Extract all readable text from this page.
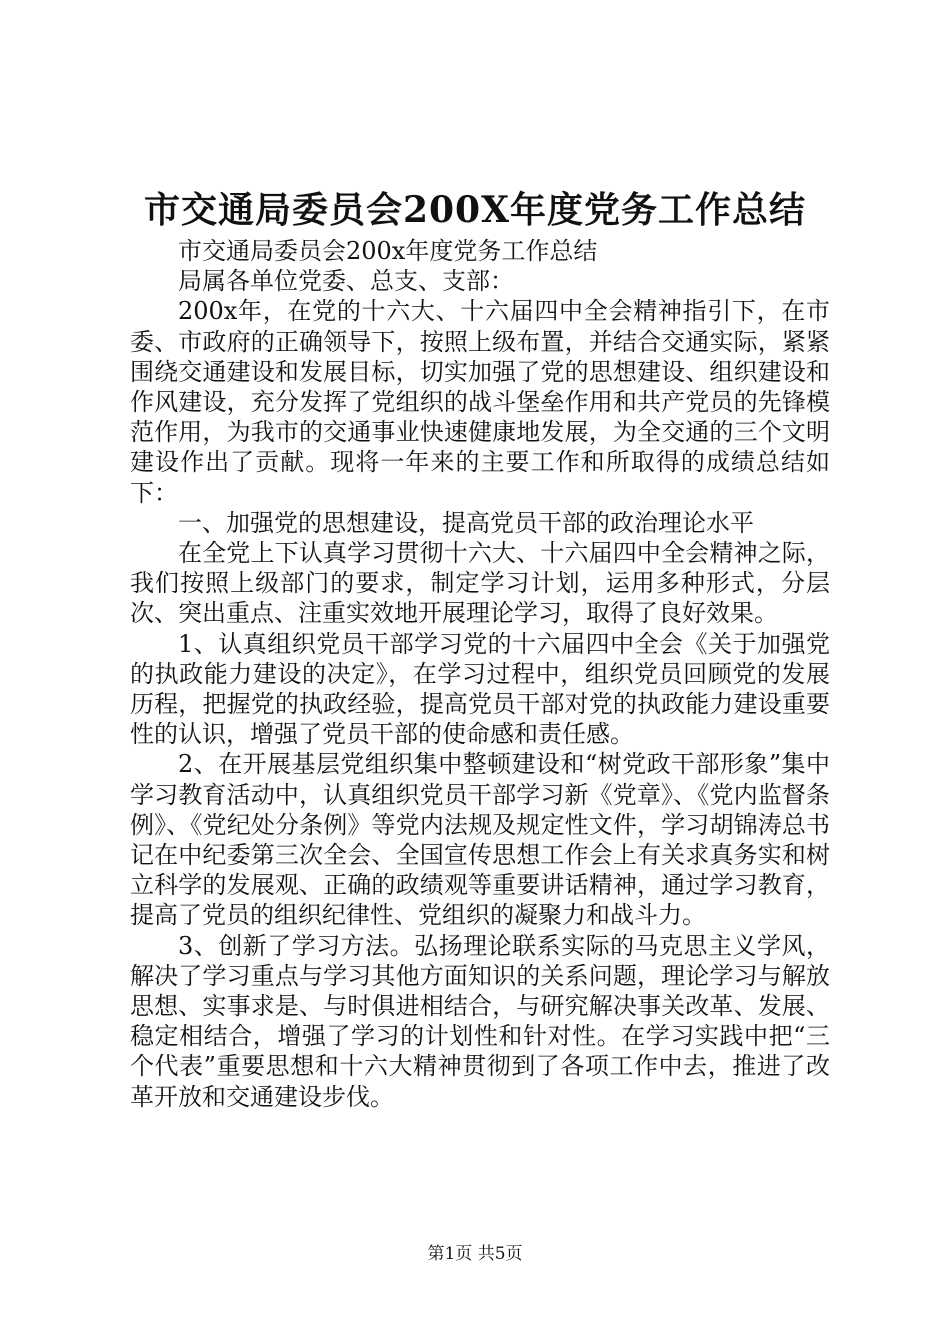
市交通局委员会200X年度党务工作总结

市交通局委员会200x年度党务工作总结

局属各单位党委、总支、支部：

200x年，在党的十六大、十六届四中全会精神指引下，在市委、市政府的正确领导下，按照上级布置，并结合交通实际，紧紧围绕交通建设和发展目标，切实加强了党的思想建设、组织建设和作风建设，充分发挥了党组织的战斗堡垒作用和共产党员的先锋模范作用，为我市的交通事业快速健康地发展，为全交通的三个文明建设作出了贡献。现将一年来的主要工作和所取得的成绩总结如下：

一、加强党的思想建设，提高党员干部的政治理论水平

在全党上下认真学习贯彻十六大、十六届四中全会精神之际，我们按照上级部门的要求，制定学习计划，运用多种形式，分层次、突出重点、注重实效地开展理论学习，取得了良好效果。

1、认真组织党员干部学习党的十六届四中全会《关于加强党的执政能力建设的决定》，在学习过程中，组织党员回顾党的发展历程，把握党的执政经验，提高党员干部对党的执政能力建设重要性的认识，增强了党员干部的使命感和责任感。

2、在开展基层党组织集中整顿建设和“树党政干部形象”集中学习教育活动中，认真组织党员干部学习新《党章》、《党内监督条例》、《党纪处分条例》等党内法规及规定性文件，学习胡锦涛总书记在中纪委第三次全会、全国宣传思想工作会上有关求真务实和树立科学的发展观、正确的政绩观等重要讲话精神，通过学习教育，提高了党员的组织纪律性、党组织的凝聚力和战斗力。

3、创新了学习方法。弘扬理论联系实际的马克思主义学风，解决了学习重点与学习其他方面知识的关系问题，理论学习与解放思想、实事求是、与时俱进相结合，与研究解决事关改革、发展、稳定相结合，增强了学习的计划性和针对性。在学习实践中把“三个代表”重要思想和十六大精神贯彻到了各项工作中去，推进了改革开放和交通建设步伐。

第1页 共5页
